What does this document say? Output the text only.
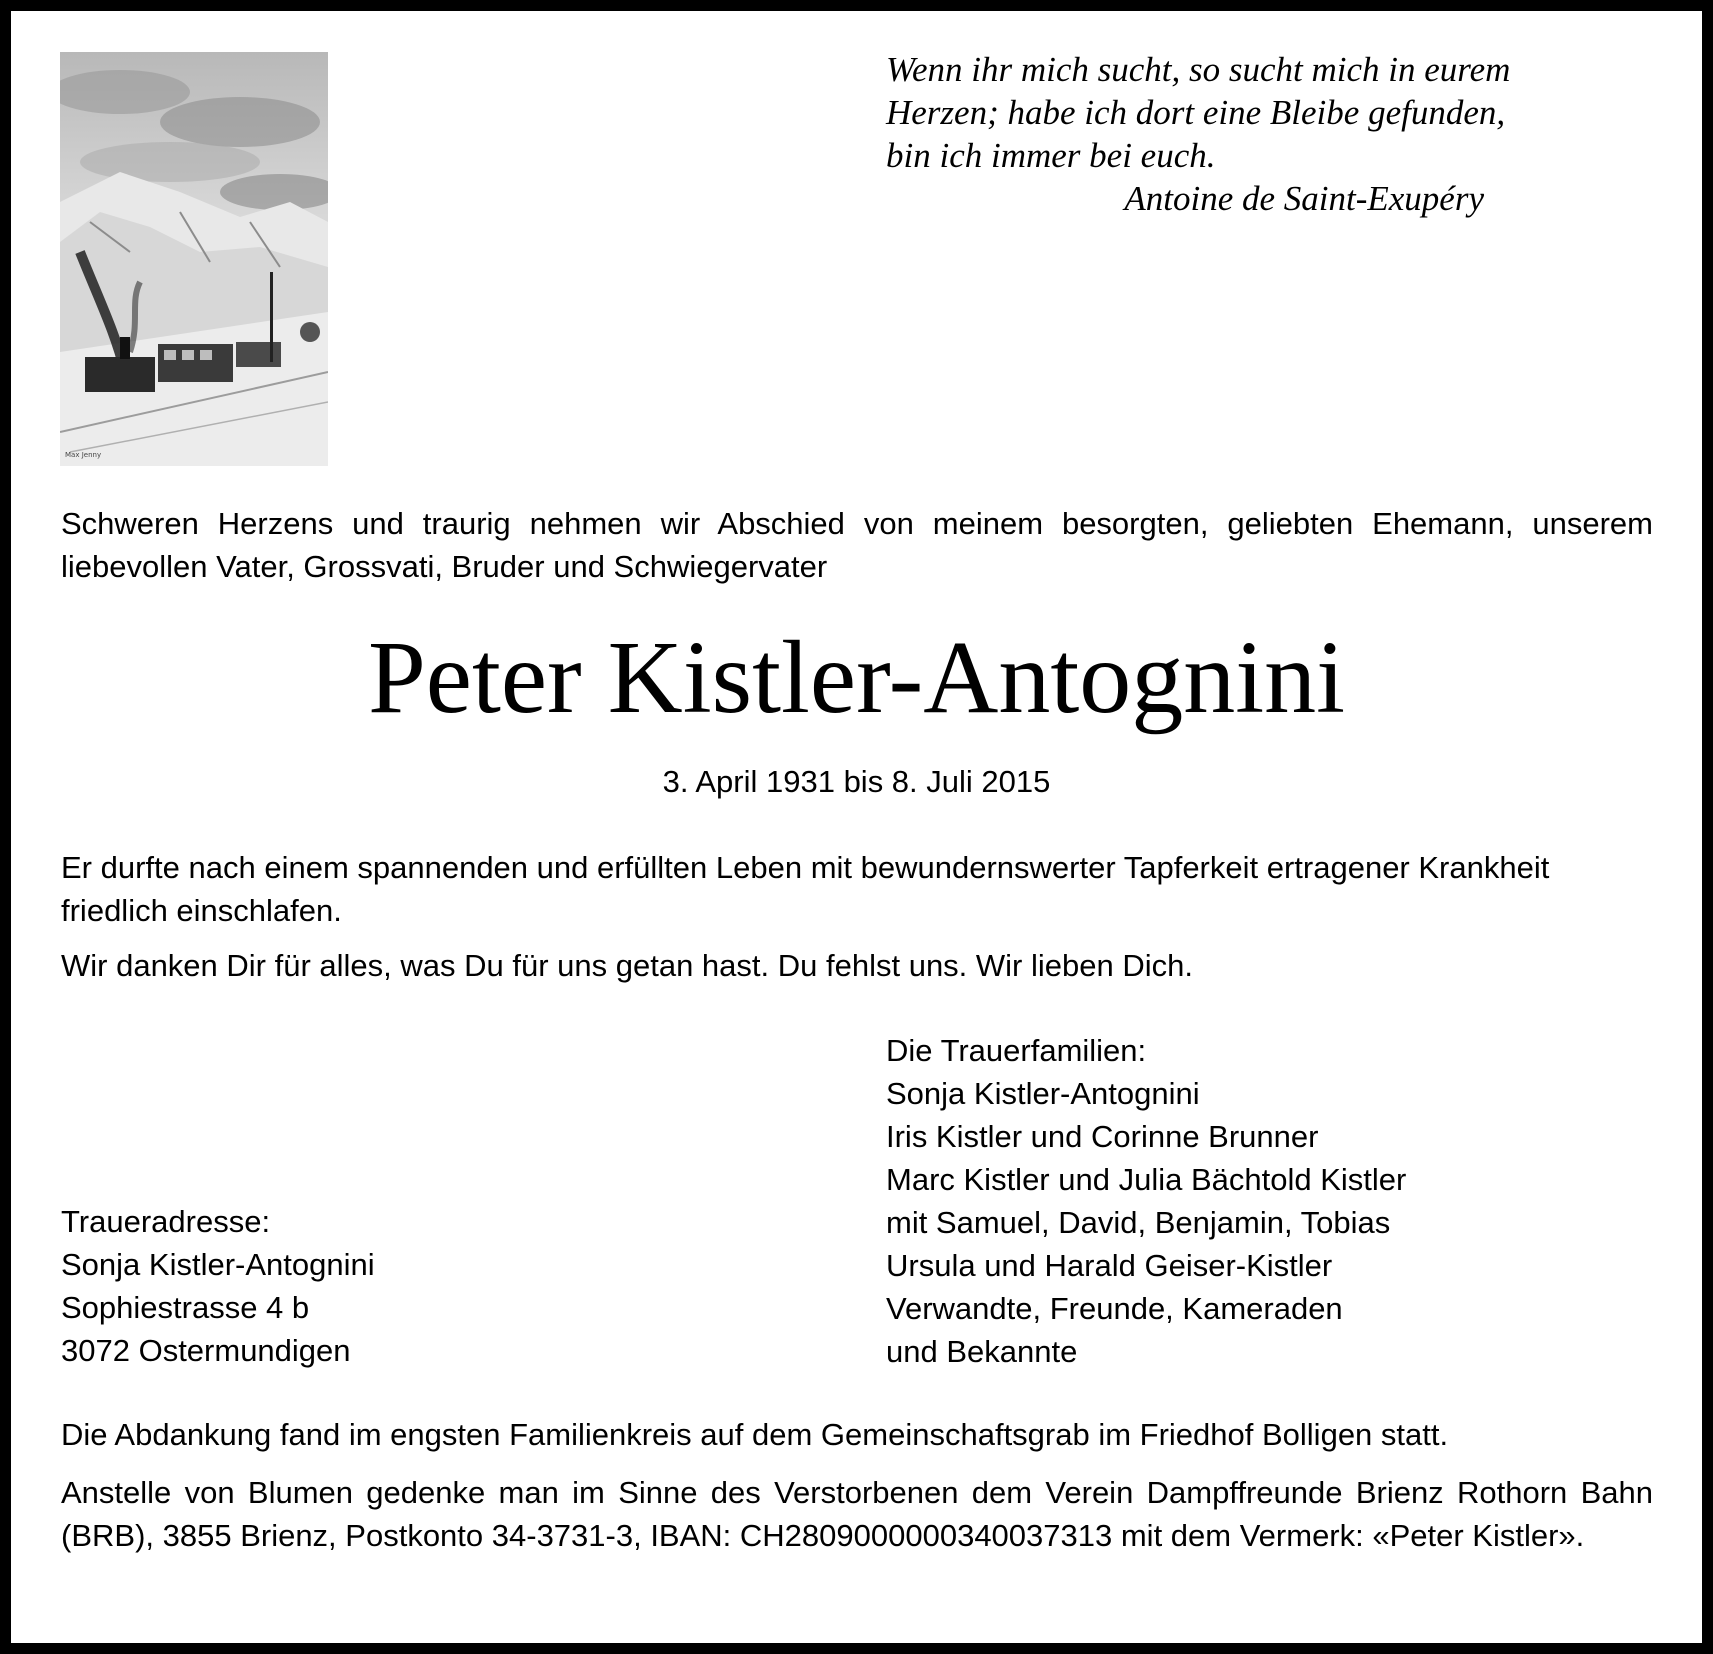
Max Jenny

Wenn ihr mich sucht, so sucht mich in eurem

Herzen; habe ich dort eine Bleibe gefunden,

bin ich immer bei euch.

Antoine de Saint-Exupéry

Schweren Herzens und traurig nehmen wir Abschied von meinem besorgten, geliebten Ehemann, unserem liebevollen Vater, Grossvati, Bruder und Schwiegervater
Peter Kistler-Antognini
3. April 1931 bis 8. Juli 2015

Er durfte nach einem spannenden und erfüllten Leben mit bewundernswerter Tapferkeit ertragener Krankheit friedlich einschlafen.

Wir danken Dir für alles, was Du für uns getan hast. Du fehlst uns. Wir lieben Dich.

Die Trauerfamilien:
Sonja Kistler-Antognini
Iris Kistler und Corinne Brunner
Marc Kistler und Julia Bächtold Kistler
mit Samuel, David, Benjamin, Tobias
Ursula und Harald Geiser-Kistler
Verwandte, Freunde, Kameraden
und Bekannte
Traueradresse:
Sonja Kistler-Antognini
Sophiestrasse 4 b
3072 Ostermundigen

Die Abdankung fand im engsten Familienkreis auf dem Gemeinschaftsgrab im Friedhof Bolligen statt.

Anstelle von Blumen gedenke man im Sinne des Verstorbenen dem Verein Dampffreunde Brienz Rothorn Bahn (BRB), 3855 Brienz, Postkonto 34-3731-3, IBAN: CH2809000000340037313 mit dem Vermerk: «Peter Kistler».
